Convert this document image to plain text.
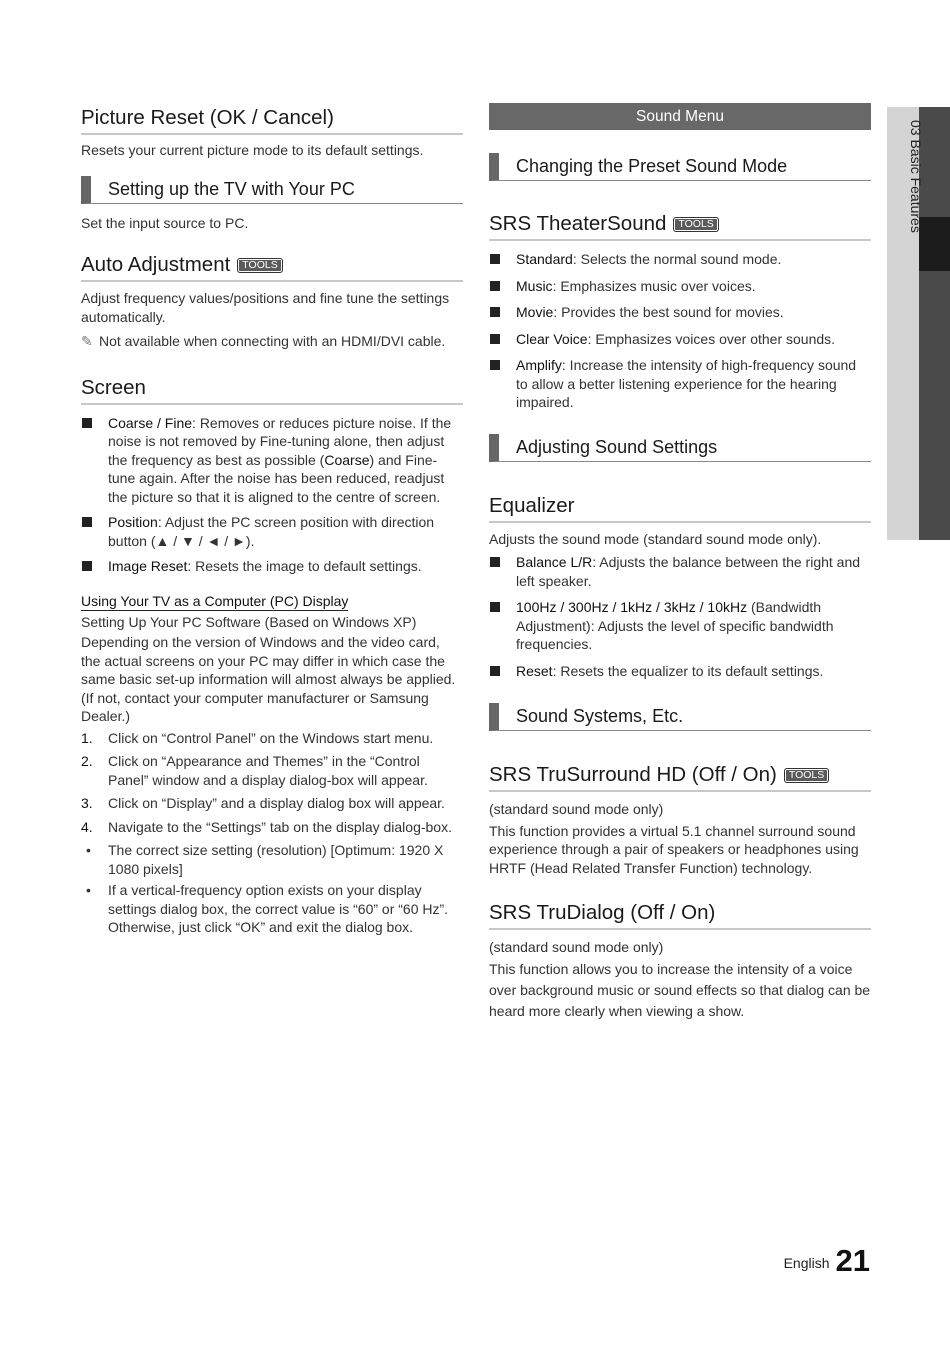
Picture Reset (OK / Cancel)
Resets your current picture mode to its default settings.
Setting up the TV with Your PC
Set the input source to PC.
Auto Adjustment TOOLS
Adjust frequency values/positions and fine tune the settings automatically.
✎ Not available when connecting with an HDMI/DVI cable.
Screen
Coarse / Fine: Removes or reduces picture noise. If the noise is not removed by Fine-tuning alone, then adjust the frequency as best as possible (Coarse) and Fine-tune again. After the noise has been reduced, readjust the picture so that it is aligned to the centre of screen.
Position: Adjust the PC screen position with direction button (▲ / ▼ / ◄ / ►).
Image Reset: Resets the image to default settings.
Using Your TV as a Computer (PC) Display
Setting Up Your PC Software (Based on Windows XP)
Depending on the version of Windows and the video card, the actual screens on your PC may differ in which case the same basic set-up information will almost always be applied. (If not, contact your computer manufacturer or Samsung Dealer.)
1. Click on “Control Panel” on the Windows start menu.
2. Click on “Appearance and Themes” in the “Control Panel” window and a display dialog-box will appear.
3. Click on “Display” and a display dialog box will appear.
4. Navigate to the “Settings” tab on the display dialog-box.
• The correct size setting (resolution) [Optimum: 1920 X 1080 pixels]
• If a vertical-frequency option exists on your display settings dialog box, the correct value is “60” or “60 Hz”. Otherwise, just click “OK” and exit the dialog box.
Sound Menu
Changing the Preset Sound Mode
SRS TheaterSound TOOLS
Standard: Selects the normal sound mode.
Music: Emphasizes music over voices.
Movie: Provides the best sound for movies.
Clear Voice: Emphasizes voices over other sounds.
Amplify: Increase the intensity of high-frequency sound to allow a better listening experience for the hearing impaired.
Adjusting Sound Settings
Equalizer
Adjusts the sound mode (standard sound mode only).
Balance L/R: Adjusts the balance between the right and left speaker.
100Hz / 300Hz / 1kHz / 3kHz / 10kHz (Bandwidth Adjustment): Adjusts the level of specific bandwidth frequencies.
Reset: Resets the equalizer to its default settings.
Sound Systems, Etc.
SRS TruSurround HD (Off / On) TOOLS
(standard sound mode only)
This function provides a virtual 5.1 channel surround sound experience through a pair of speakers or headphones using HRTF (Head Related Transfer Function) technology.
SRS TruDialog (Off / On)
(standard sound mode only)
This function allows you to increase the intensity of a voice over background music or sound effects so that dialog can be heard more clearly when viewing a show.
03 Basic Features
English 21
